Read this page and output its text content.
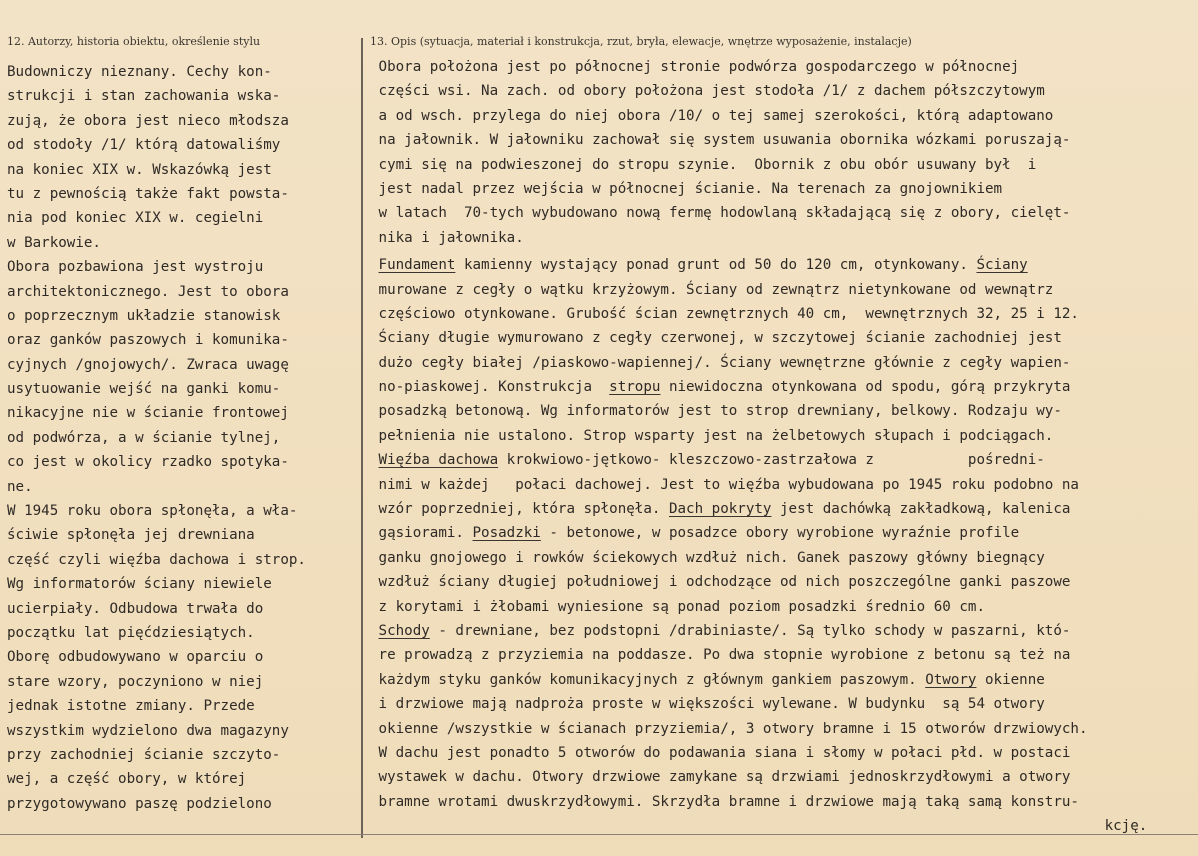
12. Autorzy, historia obiektu, określenie stylu	13. Opis (sytuacja, materiał i konstrukcja, rzut, bryła, elewacje, wnętrze wyposażenie, instalacje)
Budowniczy nieznany. Cechy kon-
strukcji i stan zachowania wska-
zują, że obora jest nieco młodsza
od stodoły /1/ którą datowaliśmy
na koniec XIX w. Wskazówką jest
tu z pewnością także fakt powsta-
nia pod koniec XIX w. cegielni
w Barkowie.
Obora pozbawiona jest wystroju
architektonicznego. Jest to obora
o poprzecznym układzie stanowisk
oraz ganków paszowych i komunika-
cyjnych /gnojowych/. Zwraca uwagę
usytuowanie wejść na ganki komu-
nikacyjne nie w ścianie frontowej
od podwórza, a w ścianie tylnej,
co jest w okolicy rzadko spotyka-
ne.
W 1945 roku obora spłonęła, a wła-
ściwie spłonęła jej drewniana
część czyli więźba dachowa i strop.
Wg informatorów ściany niewiele
ucierpiały. Odbudowa trwała do
początku lat pięćdziesiątych.
Oborę odbudowywano w oparciu o
stare wzory, poczyniono w niej
jednak istotne zmiany. Przede
wszystkim wydzielono dwa magazyny
przy zachodniej ścianie szczyto-
wej, a część obory, w której
przygotowywano paszę podzielono
Obora położona jest po północnej stronie podwórza gospodarczego w północnej
części wsi. Na zach. od obory położona jest stodoła /1/ z dachem półszczytowym
a od wsch. przylega do niej obora /10/ o tej samej szerokości, którą adaptowano
na jałownik. W jałowniku zachował się system usuwania obornika wózkami poruszają-
cymi się na podwieszonej do stropu szynie.  Obornik z obu obór usuwany był  i
jest nadal przez wejścia w północnej ścianie. Na terenach za gnojownikiem
w latach  70-tych wybudowano nową fermę hodowlaną składającą się z obory, cielęt-
nika i jałownika.
Fundament kamienny wystający ponad grunt od 50 do 120 cm, otynkowany. Ściany
murowane z cegły o wątku krzyżowym. Ściany od zewnątrz nietynkowane od wewnątrz
częściowo otynkowane. Grubość ścian zewnętrznych 40 cm,  wewnętrznych 32, 25 i 12.
Ściany długie wymurowano z cegły czerwonej, w szczytowej ścianie zachodniej jest
dużo cegły białej /piaskowo-wapiennej/. Ściany wewnętrzne głównie z cegły wapien-
no-piaskowej. Konstrukcja  stropu niewidoczna otynkowana od spodu, górą przykryta
posadzką betonową. Wg informatorów jest to strop drewniany, belkowy. Rodzaju wy-
pełnienia nie ustalono. Strop wsparty jest na żelbetowych słupach i podciągach.
Więźba dachowa krokwiowo-jętkowo- kleszczowo-zastrzałowa z           pośredni-
nimi w każdej   połaci dachowej. Jest to więźba wybudowana po 1945 roku podobno na
wzór poprzedniej, która spłonęła. Dach pokryty jest dachówką zakładkową, kalenica
gąsiorami. Posadzki - betonowe, w posadzce obory wyrobione wyraźnie profile
ganku gnojowego i rowków ściekowych wzdłuż nich. Ganek paszowy główny biegnący
wzdłuż ściany długiej południowej i odchodzące od nich poszczególne ganki paszowe
z korytami i żłobami wyniesione są ponad poziom posadzki średnio 60 cm.
Schody - drewniane, bez podstopni /drabiniaste/. Są tylko schody w paszarni, któ-
re prowadzą z przyziemia na poddasze. Po dwa stopnie wyrobione z betonu są też na
każdym styku ganków komunikacyjnych z głównym gankiem paszowym. Otwory okienne
i drzwiowe mają nadproża proste w większości wylewane. W budynku  są 54 otwory
okienne /wszystkie w ścianach przyziemia/, 3 otwory bramne i 15 otworów drzwiowych.
W dachu jest ponadto 5 otworów do podawania siana i słomy w połaci płd. w postaci
wystawek w dachu. Otwory drzwiowe zamykane są drzwiami jednoskrzydłowymi a otwory
bramne wrotami dwuskrzydłowymi. Skrzydła bramne i drzwiowe mają taką samą konstru-
kcję.
